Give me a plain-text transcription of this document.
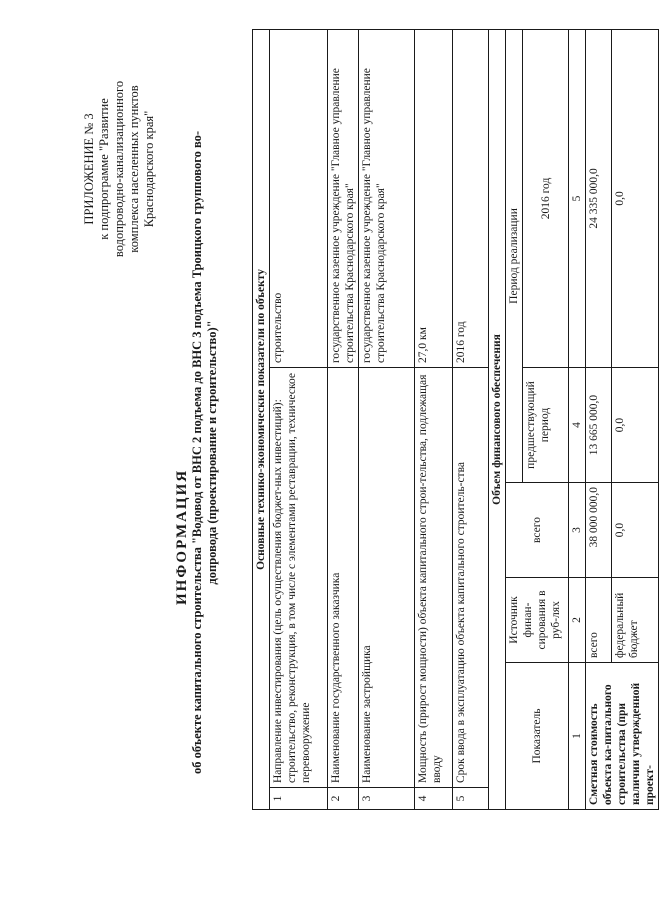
ПРИЛОЖЕНИЕ № 3 к подпрограмме "Развитие водопроводно-канализационного комплекса населенных пунктов Краснодарского края"
ИНФОРМАЦИЯ об объекте капитального строительства "Водовод от ВНС 2 подъема до ВНС 3 подъема Троицкого группового во- допровода (проектирование и строительство)"	Основные технико-экономические показатели по объекту					
1	Направление инвестирования (цель осуществления бюджет-ных инвестиций): строительство, реконструкция, в том числе с элементами реставрации, техническое перевооружение				строительство
2	Наименование государственного заказчика				государственное казенное учреждение "Главное управление строительства Краснодарского края"
3	Наименование застройщика				государственное казенное учреждение "Главное управление строительства Краснодарского края"
4	Мощность (прирост мощности) объекта капитального строи-тельства, подлежащая вводу				27,0 км
5	Срок ввода в эксплуатацию объекта капитального строитель-ства				2016 год
Объем финансового обеспечения					
Показатель		Источник финан-сирования в руб-лях	всего	Период реализации	
				предшествующий период	2016 год
1		2	3	4	5
Сметная стоимость объекта ка-питального строительства (при наличии утвержденной проект-		всего	38 000 000,0	13 665 000,0	24 335 000,0
		федеральный бюджет	0,0	0,0	0,0
